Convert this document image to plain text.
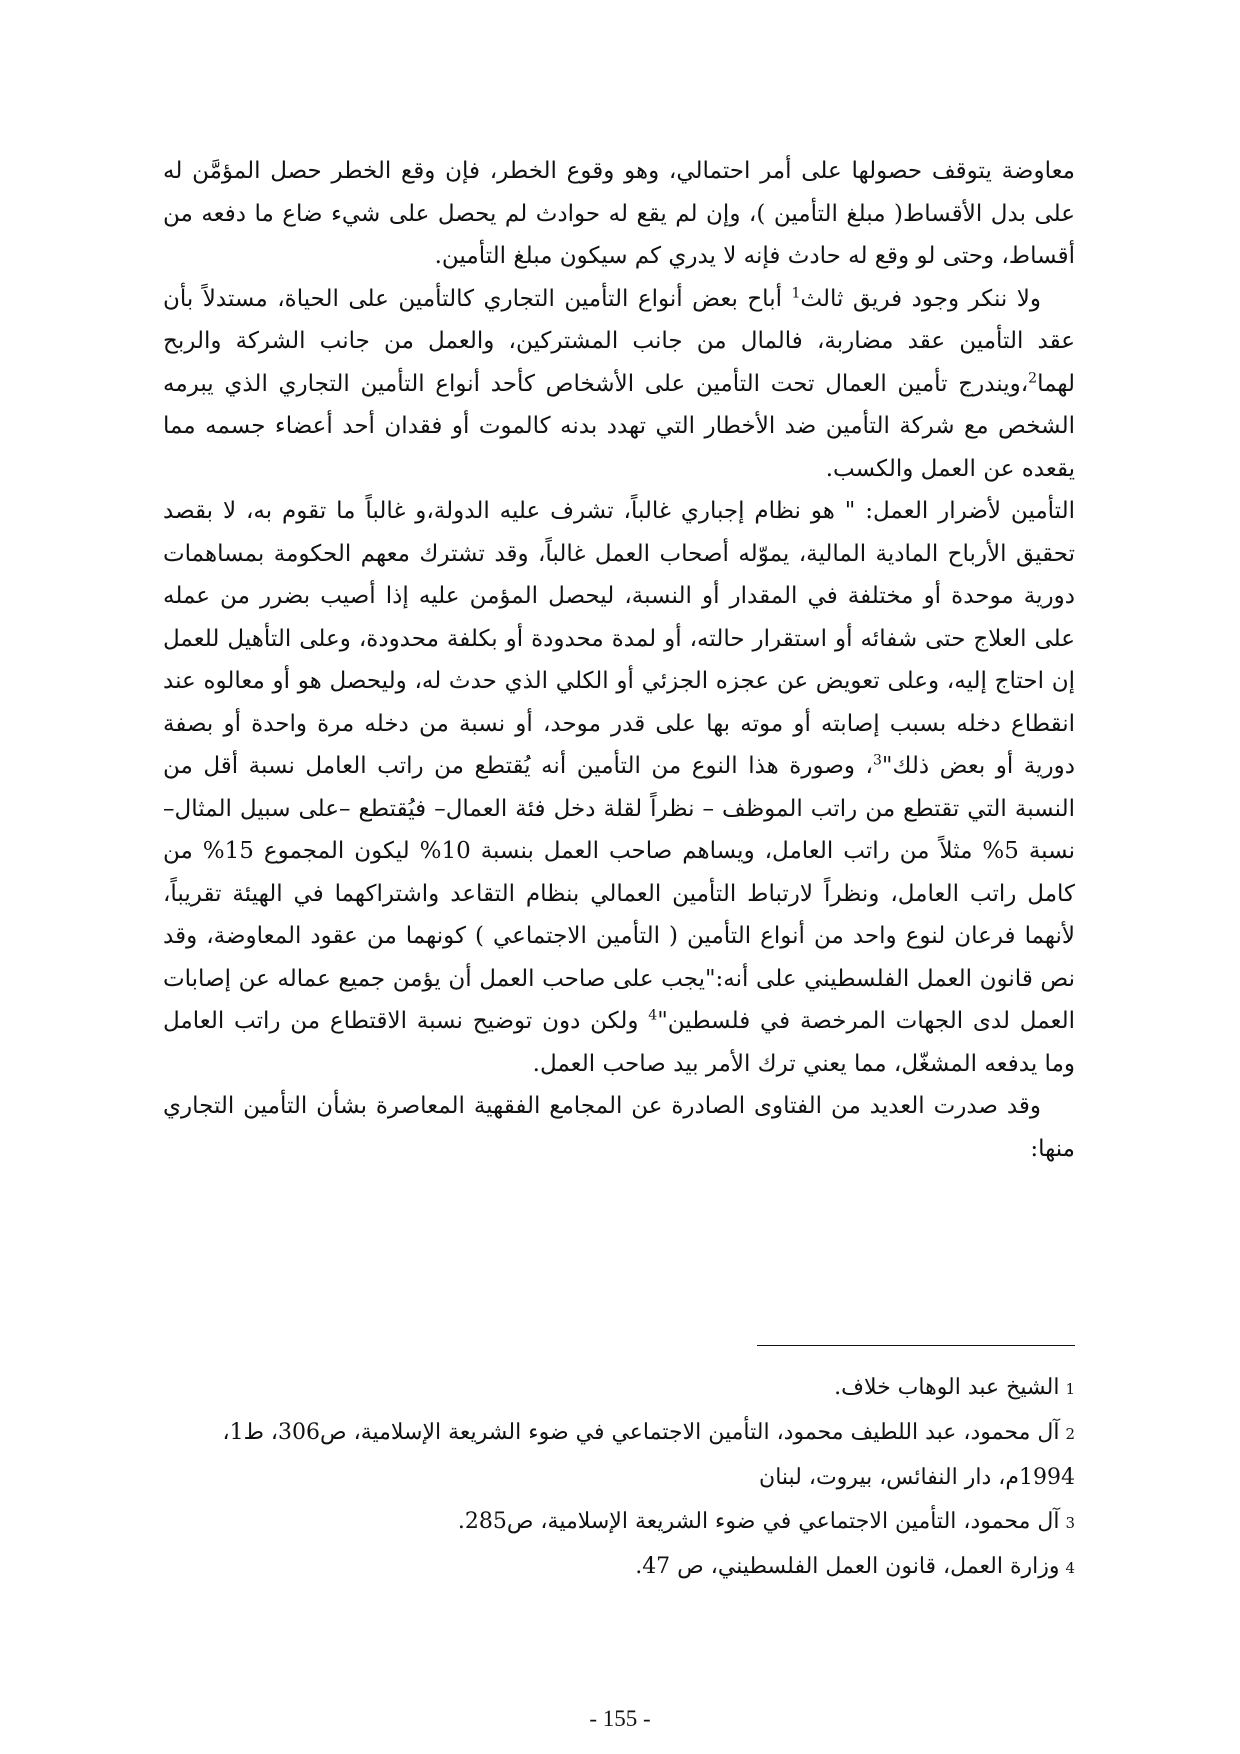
معاوضة يتوقف حصولها على أمر احتمالي، وهو وقوع الخطر، فإن وقع الخطر حصل المؤمَّن له على بدل الأقساط( مبلغ التأمين )، وإن لم يقع له حوادث لم يحصل على شيء ضاع ما دفعه من أقساط، وحتى لو وقع له حادث فإنه لا يدري كم سيكون مبلغ التأمين.

ولا ننكر وجود فريق ثالث$^1$ أباح بعض أنواع التأمين التجاري كالتأمين على الحياة، مستدلاً بأن عقد التأمين عقد مضاربة، فالمال من جانب المشتركين، والعمل من جانب الشركة والربح لهما$^2$،ويندرج تأمين العمال تحت التأمين على الأشخاص كأحد أنواع التأمين التجاري الذي يبرمه الشخص مع شركة التأمين ضد الأخطار التي تهدد بدنه كالموت أو فقدان أحد أعضاء جسمه مما يقعده عن العمل والكسب.

التأمين لأضرار العمل: " هو نظام إجباري غالباً، تشرف عليه الدولة،و غالباً ما تقوم به، لا بقصد تحقيق الأرباح المادية المالية، يموّله أصحاب العمل غالباً، وقد تشترك معهم الحكومة بمساهمات دورية موحدة أو مختلفة في المقدار أو النسبة، ليحصل المؤمن عليه إذا أصيب بضرر من عمله على العلاج حتى شفائه أو استقرار حالته، أو لمدة محدودة أو بكلفة محدودة، وعلى التأهيل للعمل إن احتاج إليه، وعلى تعويض عن عجزه الجزئي أو الكلي الذي حدث له، وليحصل هو أو معالوه عند انقطاع دخله بسبب إصابته أو موته بها على قدر موحد، أو نسبة من دخله مرة واحدة أو بصفة دورية أو بعض ذلك"$^3$، وصورة هذا النوع من التأمين أنه يُقتطع من راتب العامل نسبة أقل من النسبة التي تقتطع من راتب الموظف – نظراً لقلة دخل فئة العمال– فيُقتطع –على سبيل المثال– نسبة 5% مثلاً من راتب العامل، ويساهم صاحب العمل بنسبة 10% ليكون المجموع 15% من كامل راتب العامل، ونظراً لارتباط التأمين العمالي بنظام التقاعد واشتراكهما في الهيئة تقريباً، لأنهما فرعان لنوع واحد من أنواع التأمين ( التأمين الاجتماعي ) كونهما من عقود المعاوضة، وقد نص قانون العمل الفلسطيني على أنه:"يجب على صاحب العمل أن يؤمن جميع عماله عن إصابات العمل لدى الجهات المرخصة في فلسطين"$^4$ ولكن دون توضيح نسبة الاقتطاع من راتب العامل وما يدفعه المشغّل، مما يعني ترك الأمر بيد صاحب العمل.

وقد صدرت العديد من الفتاوى الصادرة عن المجامع الفقهية المعاصرة بشأن التأمين التجاري منها:

1الشيخ عبد الوهاب خلاف.

2آل محمود، عبد اللطيف محمود، التأمين الاجتماعي في ضوء الشريعة الإسلامية، ص306، ط1، 1994م، دار النفائس، بيروت، لبنان

3آل محمود، التأمين الاجتماعي في ضوء الشريعة الإسلامية، ص285.

4وزارة العمل، قانون العمل الفلسطيني، ص 47.

- 155 -
